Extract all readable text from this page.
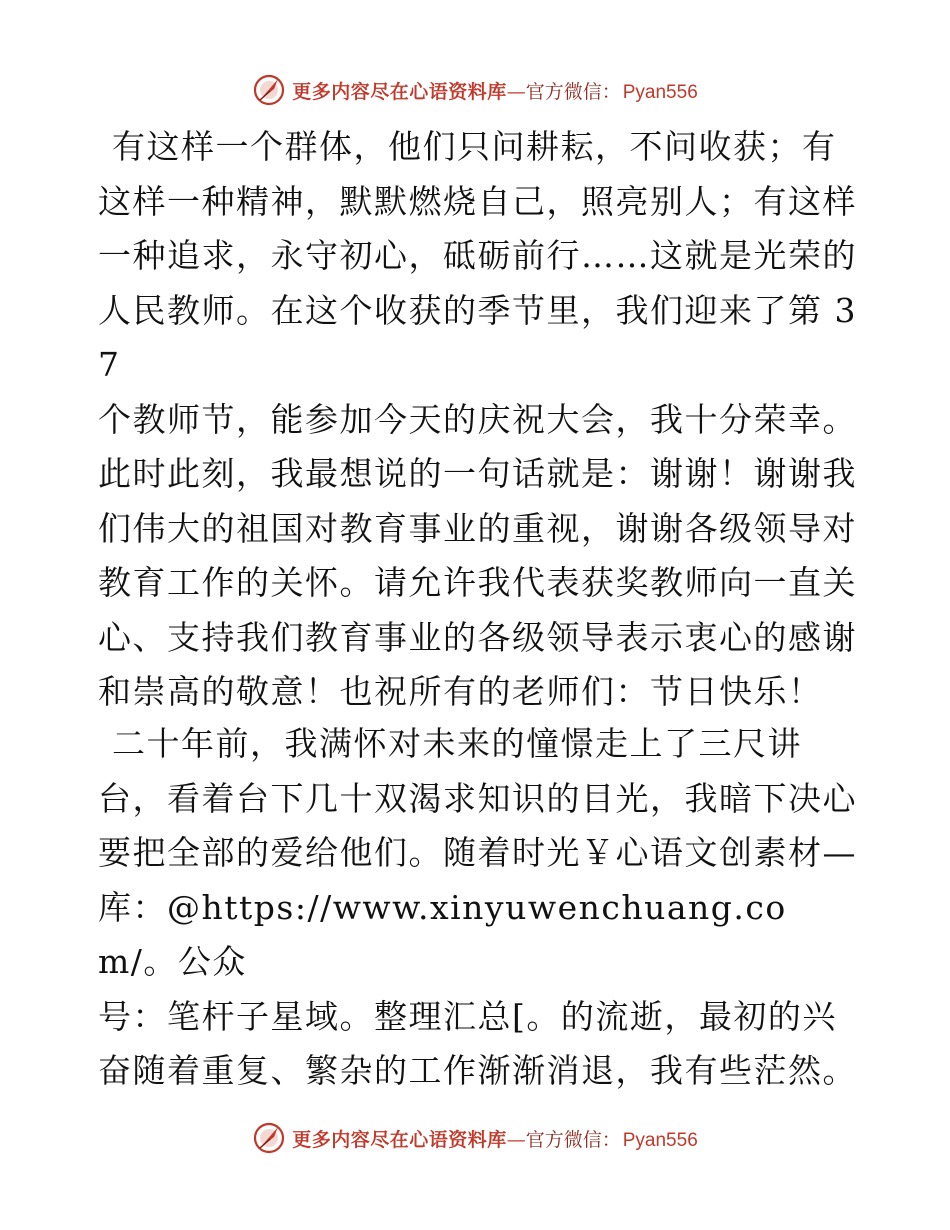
更多内容尽在心语资料库 — 官方微信： Pyan556

有这样一个群体，他们只问耕耘，不问收获；有

这样一种精神，默默燃烧自己，照亮别人；有这样

一种追求，永守初心，砥砺前行……这就是光荣的

人民教师。在这个收获的季节里，我们迎来了第 37

个教师节，能参加今天的庆祝大会，我十分荣幸。

此时此刻，我最想说的一句话就是：谢谢！谢谢我

们伟大的祖国对教育事业的重视，谢谢各级领导对

教育工作的关怀。请允许我代表获奖教师向一直关

心、支持我们教育事业的各级领导表示衷心的感谢

和崇高的敬意！也祝所有的老师们：节日快乐！

二十年前，我满怀对未来的憧憬走上了三尺讲

台，看着台下几十双渴求知识的目光，我暗下决心

要把全部的爱给他们。随着时光￥心语文创素材—

库：@https://www.xinyuwenchuang.com/。公众

号：笔杆子星域。整理汇总[。的流逝，最初的兴

奋随着重复、繁杂的工作渐渐消退，我有些茫然。

更多内容尽在心语资料库 — 官方微信： Pyan556
